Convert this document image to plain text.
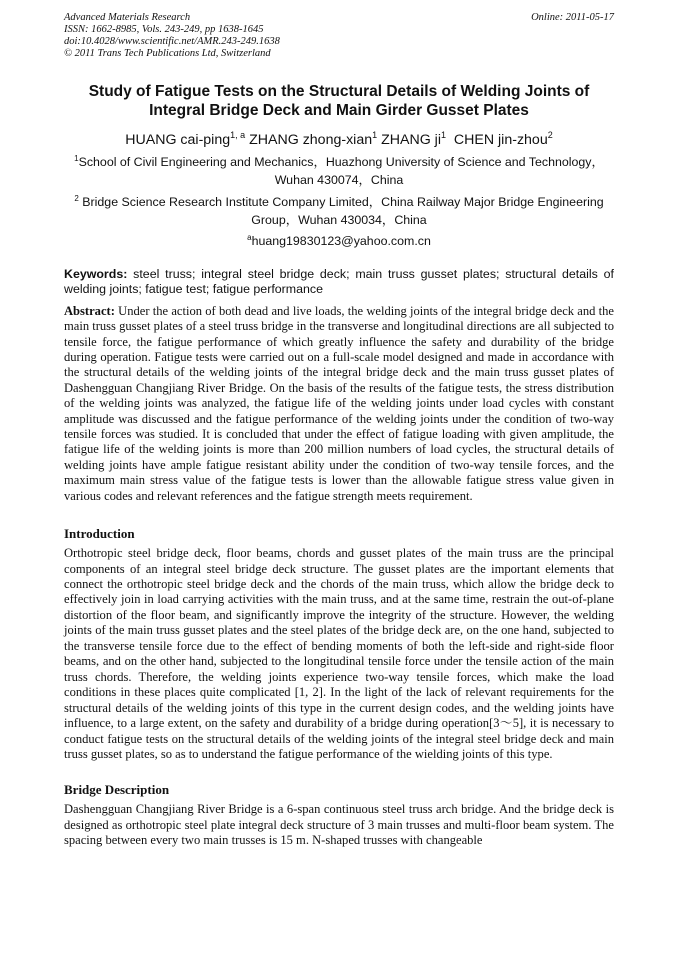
Advanced Materials Research
ISSN: 1662-8985, Vols. 243-249, pp 1638-1645
doi:10.4028/www.scientific.net/AMR.243-249.1638
© 2011 Trans Tech Publications Ltd, Switzerland
Online: 2011-05-17
Study of Fatigue Tests on the Structural Details of Welding Joints of Integral Bridge Deck and Main Girder Gusset Plates
HUANG cai-ping$^{1, a}$ ZHANG zhong-xian$^1$ ZHANG $ji^1$ CHEN jin-zhou$^2$
$^1$School of Civil Engineering and Mechanics，Huazhong University of Science and Technology，Wuhan 430074，China
$^2$ Bridge Science Research Institute Company Limited，China Railway Major Bridge Engineering Group，Wuhan 430034，China
$^a$huang19830123@yahoo.com.cn
Keywords: steel truss; integral steel bridge deck; main truss gusset plates; structural details of welding joints; fatigue test; fatigue performance
Abstract: Under the action of both dead and live loads, the welding joints of the integral bridge deck and the main truss gusset plates of a steel truss bridge in the transverse and longitudinal directions are all subjected to tensile force, the fatigue performance of which greatly influence the safety and durability of the bridge during operation. Fatigue tests were carried out on a full-scale model designed and made in accordance with the structural details of the welding joints of the integral bridge deck and the main truss gusset plates of Dashengguan Changjiang River Bridge. On the basis of the results of the fatigue tests, the stress distribution of the welding joints was analyzed, the fatigue life of the welding joints under load cycles with constant amplitude was discussed and the fatigue performance of the welding joints under the condition of two-way tensile forces was studied. It is concluded that under the effect of fatigue loading with given amplitude, the fatigue life of the welding joints is more than 200 million numbers of load cycles, the structural details of welding joints have ample fatigue resistant ability under the condition of two-way tensile forces, and the maximum main stress value of the fatigue tests is lower than the allowable fatigue stress value given in various codes and relevant references and the fatigue strength meets requirement.
Introduction

Orthotropic steel bridge deck, floor beams, chords and gusset plates of the main truss are the principal components of an integral steel bridge deck structure. The gusset plates are the important elements that connect the orthotropic steel bridge deck and the chords of the main truss, which allow the bridge deck to effectively join in load carrying activities with the main truss, and at the same time, restrain the out-of-plane distortion of the floor beam, and significantly improve the integrity of the structure. However, the welding joints of the main truss gusset plates and the steel plates of the bridge deck are, on the one hand, subjected to the transverse tensile force due to the effect of bending moments of both the left-side and right-side floor beams, and on the other hand, subjected to the longitudinal tensile force under the tensile action of the main truss chords. Therefore, the welding joints experience two-way tensile forces, which make the load conditions in these places quite complicated [1, 2]. In the light of the lack of relevant requirements for the structural details of the welding joints of this type in the current design codes, and the welding joints have influence, to a large extent, on the safety and durability of a bridge during operation[3～5], it is necessary to conduct fatigue tests on the structural details of the welding joints of the integral steel bridge deck and main truss gusset plates, so as to understand the fatigue performance of the wielding joints of this type.

Bridge Description

Dashengguan Changjiang River Bridge is a 6-span continuous steel truss arch bridge. And the bridge deck is designed as orthotropic steel plate integral deck structure of 3 main trusses and multi-floor beam system. The spacing between every two main trusses is 15 m. N-shaped trusses with changeable
